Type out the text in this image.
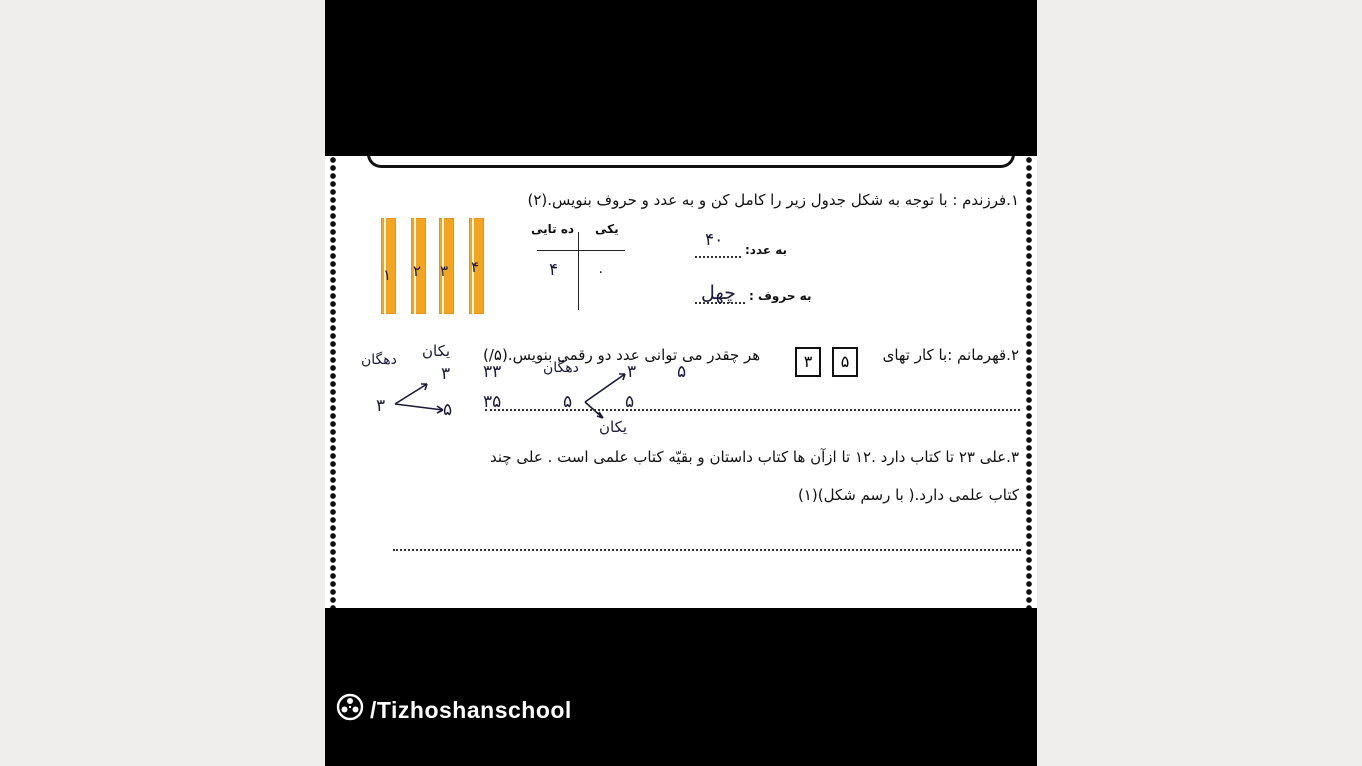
۱.فرزندم : با توجه به شکل جدول زیر را کامل کن و به عدد و حروف بنویس.(۲)
۱ ۲ ۳ ۴
ده تایی یکی
۴	۰
به عدد:
۴۰
به حروف :
چهل
۲.قهرمانم :با کار تهای
۵
۳
هر چقدر می توانی عدد دو رقمی بنویس.(۵/)
یکان
دهگان
۳
۳	۵
۳۳
۳۵
دهگان	۳ ۵
۵	۵
یکان
۳.علی ۲۳ تا کتاب دارد .۱۲ تا ازآن ها کتاب داستان و بقیّه کتاب علمی است . علی چند
کتاب علمی دارد.( با رسم شکل)(۱)
/Tizhoshanschool
